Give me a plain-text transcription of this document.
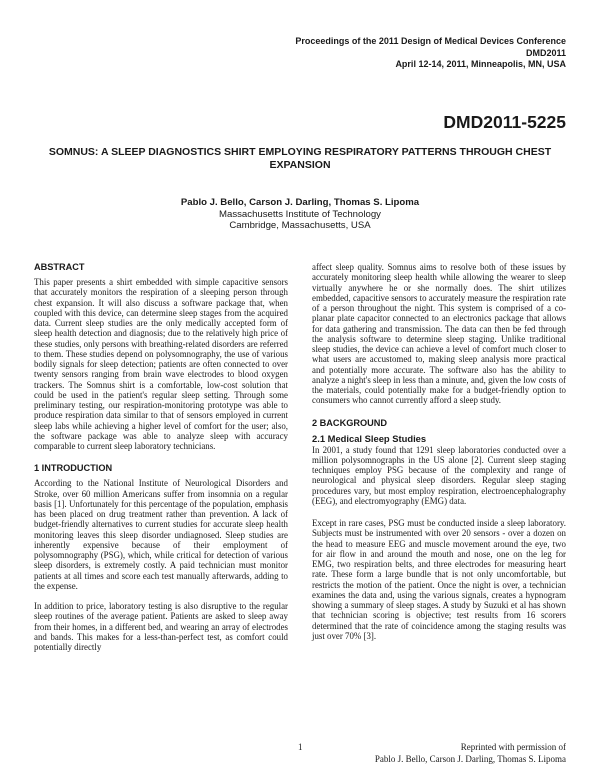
Proceedings of the 2011 Design of Medical Devices Conference
DMD2011
April 12-14, 2011, Minneapolis, MN, USA
DMD2011-5225
SOMNUS: A SLEEP DIAGNOSTICS SHIRT EMPLOYING RESPIRATORY PATTERNS THROUGH CHEST EXPANSION
Pablo J. Bello, Carson J. Darling, Thomas S. Lipoma
Massachusetts Institute of Technology
Cambridge, Massachusetts, USA
ABSTRACT

This paper presents a shirt embedded with simple capacitive sensors that accurately monitors the respiration of a sleeping person through chest expansion. It will also discuss a software package that, when coupled with this device, can determine sleep stages from the acquired data. Current sleep studies are the only medically accepted form of sleep health detection and diagnosis; due to the relatively high price of these studies, only persons with breathing-related disorders are referred to them. These studies depend on polysomnography, the use of various bodily signals for sleep detection; patients are often connected to over twenty sensors ranging from brain wave electrodes to blood oxygen trackers. The Somnus shirt is a comfortable, low-cost solution that could be used in the patient's regular sleep setting. Through some preliminary testing, our respiration-monitoring prototype was able to produce respiration data similar to that of sensors employed in current sleep labs while achieving a higher level of comfort for the user; also, the software package was able to analyze sleep with accuracy comparable to current sleep laboratory technicians.

1 INTRODUCTION

According to the National Institute of Neurological Disorders and Stroke, over 60 million Americans suffer from insomnia on a regular basis [1]. Unfortunately for this percentage of the population, emphasis has been placed on drug treatment rather than prevention. A lack of budget-friendly alternatives to current studies for accurate sleep health monitoring leaves this sleep disorder undiagnosed. Sleep studies are inherently expensive because of their employment of polysomnography (PSG), which, while critical for detection of various sleep disorders, is extremely costly. A paid technician must monitor patients at all times and score each test manually afterwards, adding to the expense.

In addition to price, laboratory testing is also disruptive to the regular sleep routines of the average patient. Patients are asked to sleep away from their homes, in a different bed, and wearing an array of electrodes and bands. This makes for a less-than-perfect test, as comfort could potentially directly

affect sleep quality. Somnus aims to resolve both of these issues by accurately monitoring sleep health while allowing the wearer to sleep virtually anywhere he or she normally does. The shirt utilizes embedded, capacitive sensors to accurately measure the respiration rate of a person throughout the night. This system is comprised of a co-planar plate capacitor connected to an electronics package that allows for data gathering and transmission. The data can then be fed through the analysis software to determine sleep staging. Unlike traditional sleep studies, the device can achieve a level of comfort much closer to what users are accustomed to, making sleep analysis more practical and potentially more accurate. The software also has the ability to analyze a night's sleep in less than a minute, and, given the low costs of the materials, could potentially make for a budget-friendly option to consumers who cannot currently afford a sleep study.

2 BACKGROUND
2.1 Medical Sleep Studies

In 2001, a study found that 1291 sleep laboratories conducted over a million polysomnographs in the US alone [2]. Current sleep staging techniques employ PSG because of the complexity and range of neurological and physical sleep disorders. Regular sleep staging procedures vary, but most employ respiration, electroencephalography (EEG), and electromyography (EMG) data.

Except in rare cases, PSG must be conducted inside a sleep laboratory. Subjects must be instrumented with over 20 sensors - over a dozen on the head to measure EEG and muscle movement around the eye, two for air flow in and around the mouth and nose, one on the leg for EMG, two respiration belts, and three electrodes for measuring heart rate. These form a large bundle that is not only uncomfortable, but restricts the motion of the patient. Once the night is over, a technician examines the data and, using the various signals, creates a hypnogram showing a summary of sleep stages. A study by Suzuki et al has shown that technician scoring is objective; test results from 16 scorers determined that the rate of coincidence among the staging results was just over 70% [3].

1	Reprinted with permission of
Pablo J. Bello, Carson J. Darling, Thomas S. Lipoma
